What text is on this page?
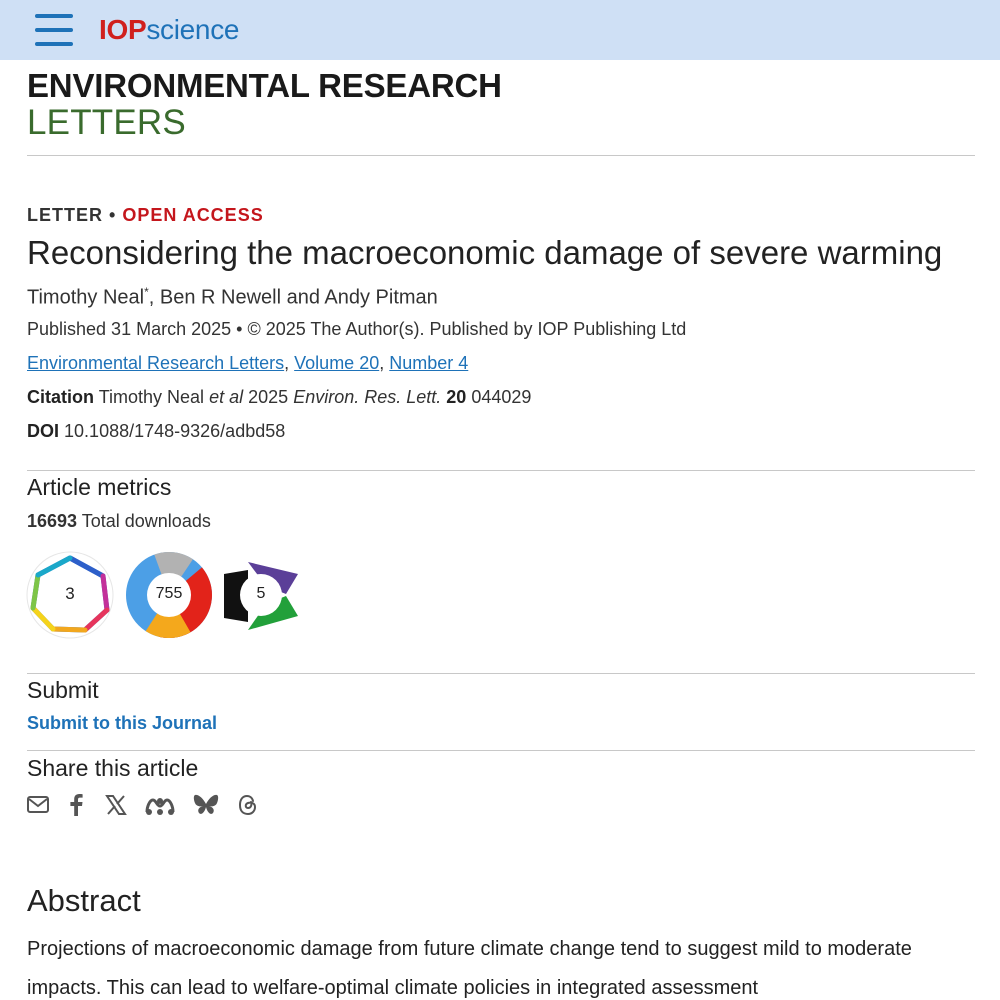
IOPscience
ENVIRONMENTAL RESEARCH
LETTERS
LETTER • OPEN ACCESS
Reconsidering the macroeconomic damage of severe warming
Timothy Neal*, Ben R Newell and Andy Pitman
Published 31 March 2025 • © 2025 The Author(s). Published by IOP Publishing Ltd
Environmental Research Letters, Volume 20, Number 4
Citation Timothy Neal et al 2025 Environ. Res. Lett. 20 044029
DOI 10.1088/1748-9326/adbd58
Article metrics
16693 Total downloads
3	755	5
Submit
Submit to this Journal
Share this article
Abstract

Projections of macroeconomic damage from future climate change tend to suggest mild to moderate impacts. This can lead to welfare-optimal climate policies in integrated assessment
